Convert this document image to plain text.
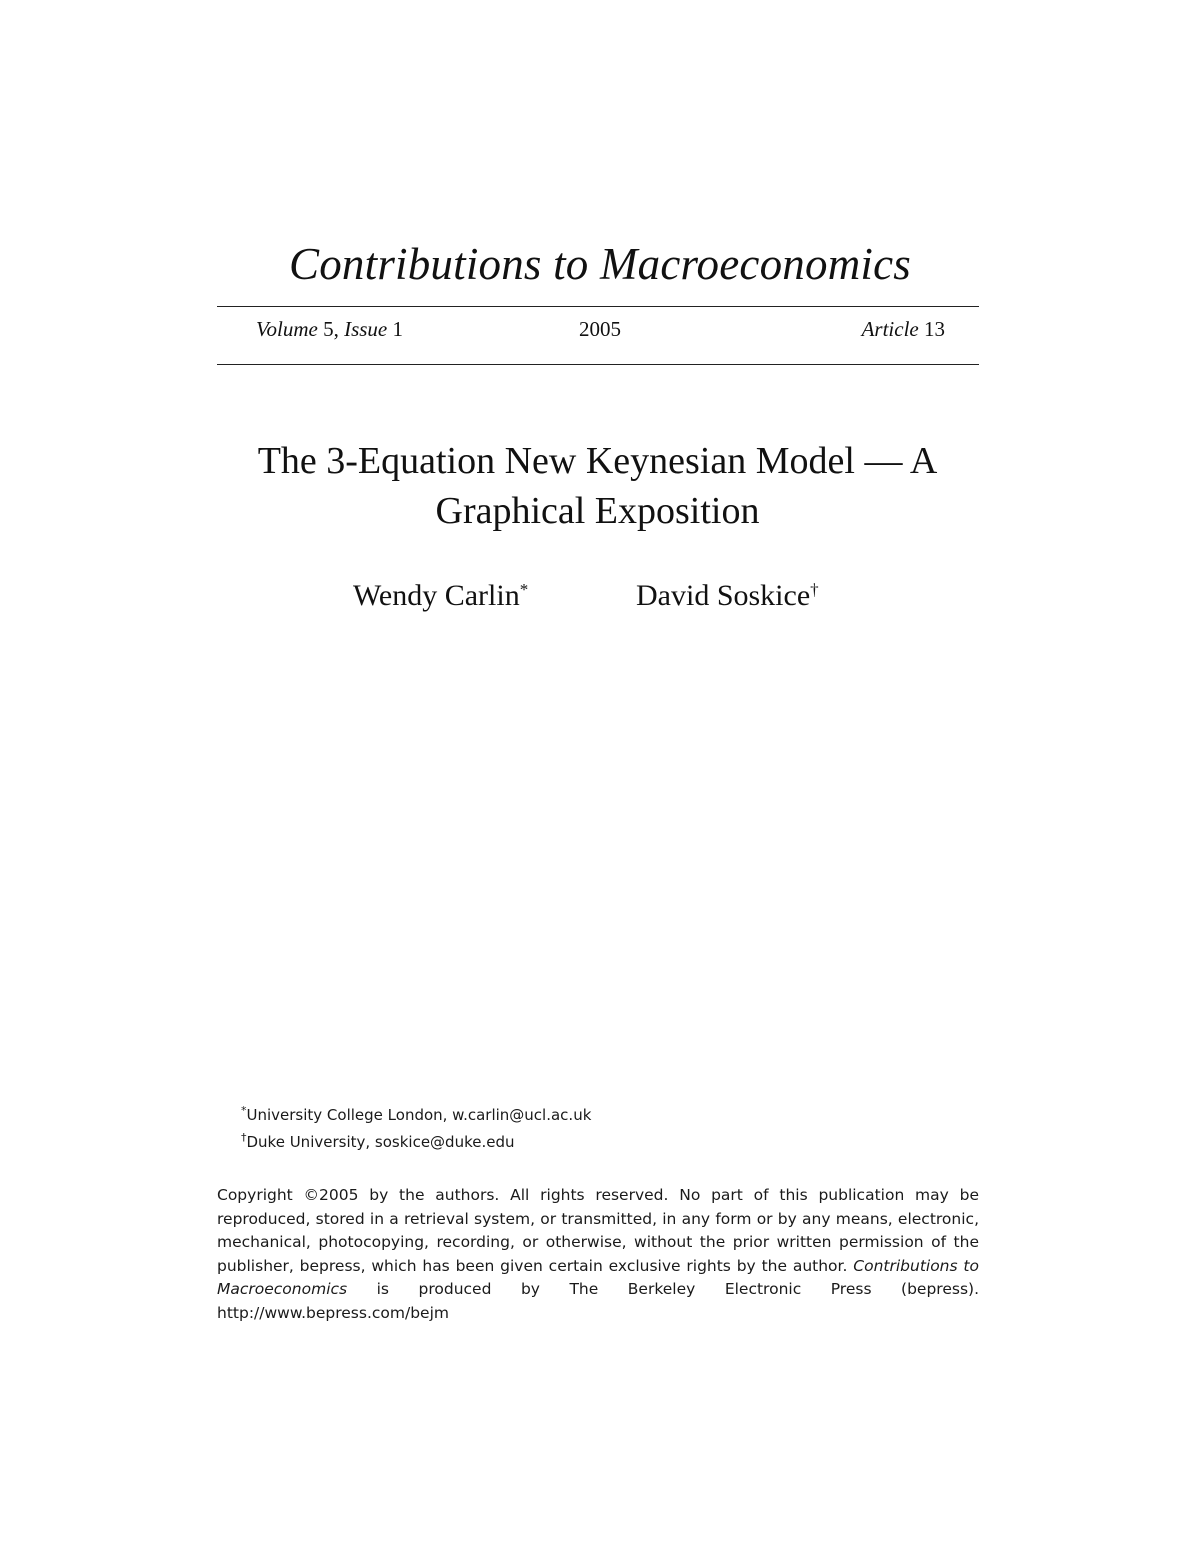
Contributions to Macroeconomics
Volume 5, Issue 1	2005	Article 13
The 3-Equation New Keynesian Model — A Graphical Exposition
Wendy Carlin*	David Soskice†
*University College London, w.carlin@ucl.ac.uk
†Duke University, soskice@duke.edu
Copyright ©2005 by the authors. All rights reserved. No part of this publication may be reproduced, stored in a retrieval system, or transmitted, in any form or by any means, electronic, mechanical, photocopying, recording, or otherwise, without the prior written permission of the publisher, bepress, which has been given certain exclusive rights by the author. Contributions to Macroeconomics is produced by The Berkeley Electronic Press (bepress). http://www.bepress.com/bejm
